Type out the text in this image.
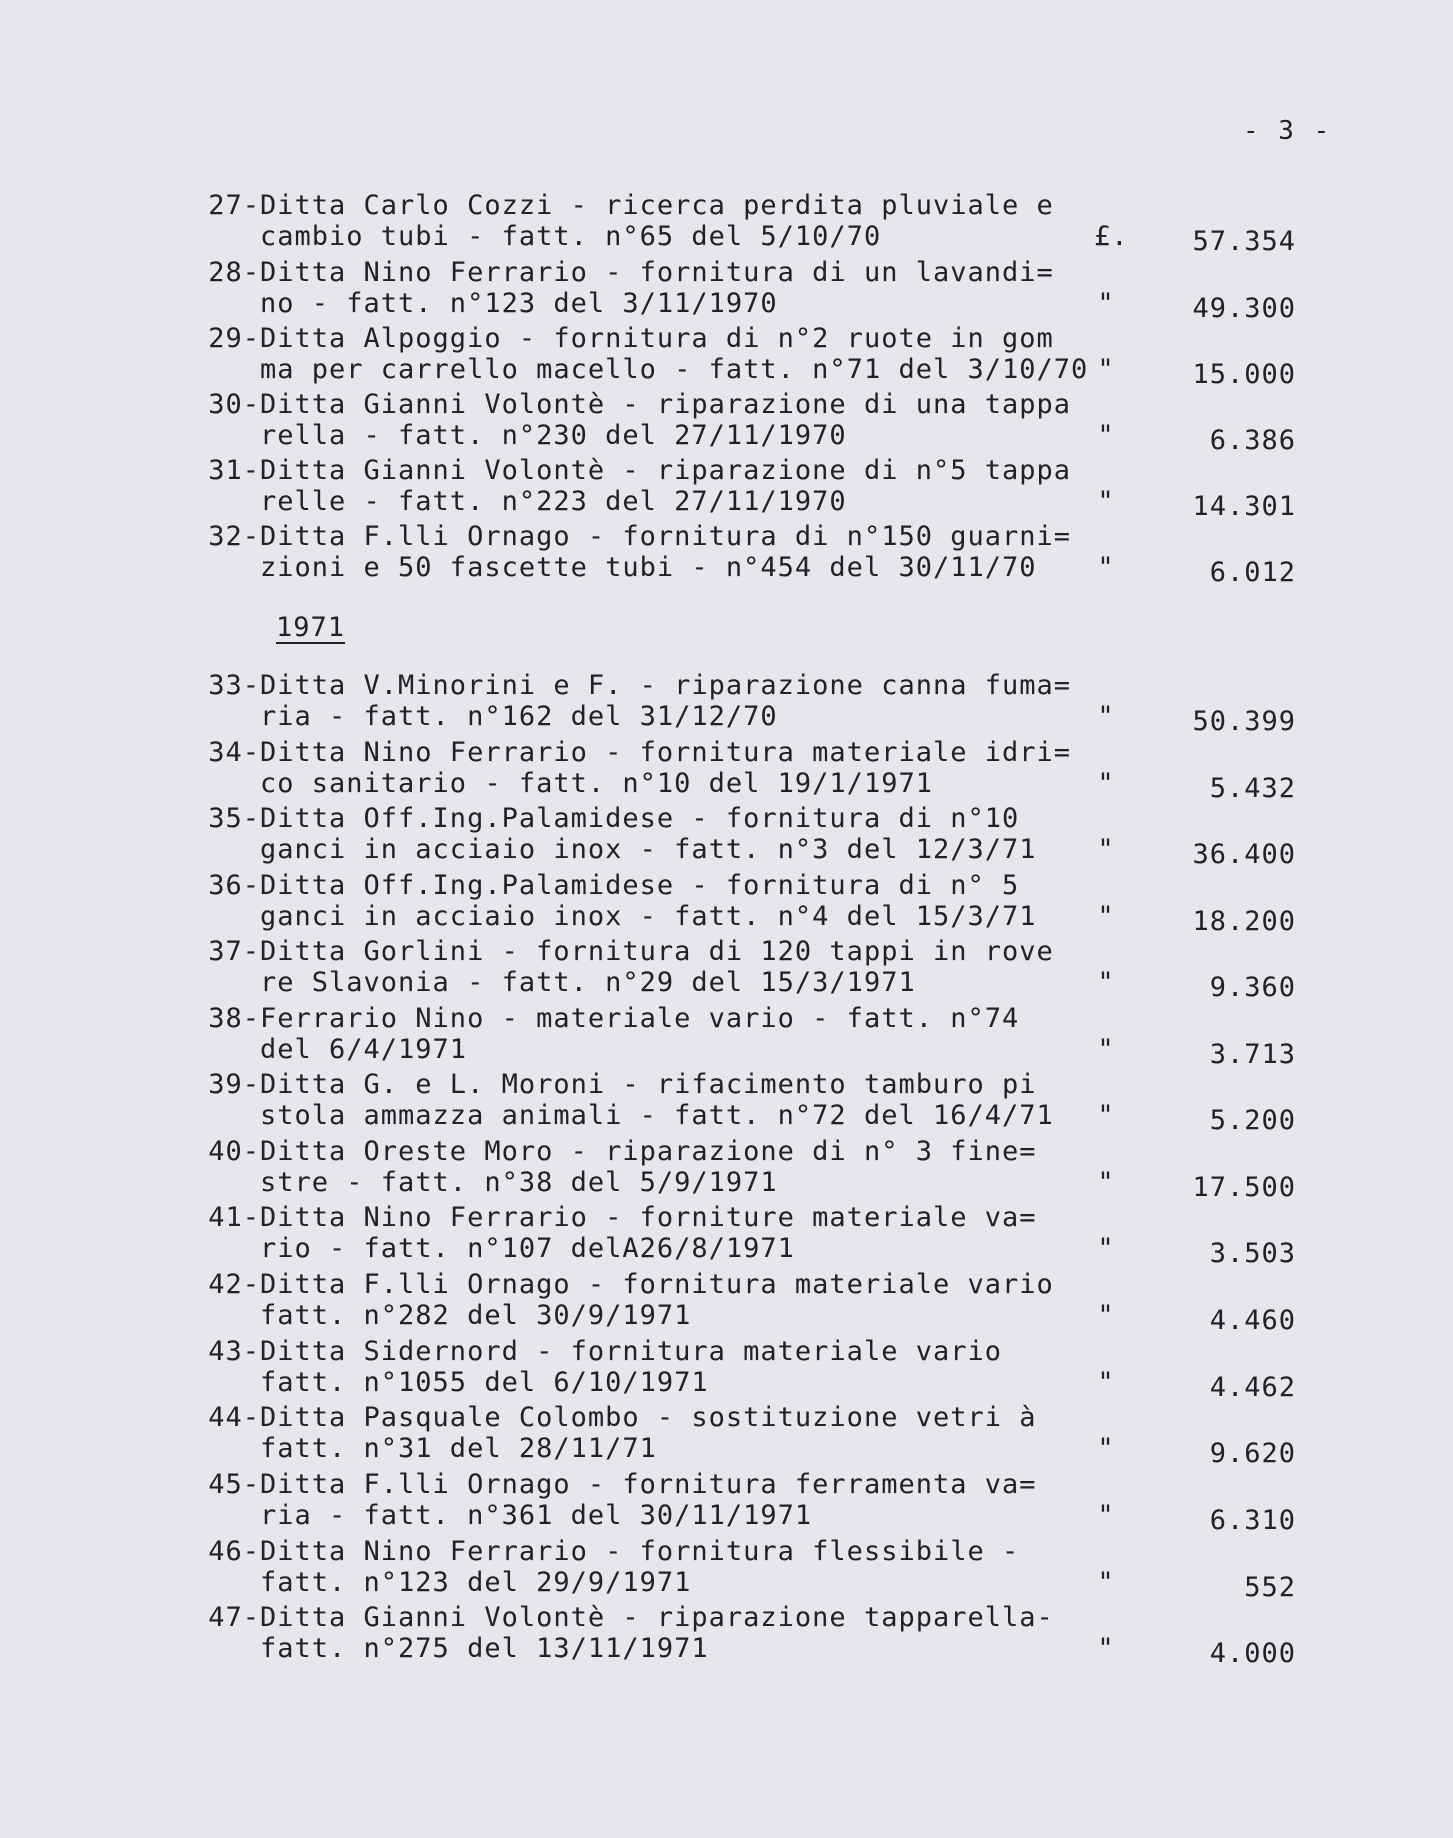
- 3 -
1971
27- Ditta Carlo Cozzi - ricerca perdita pluviale e
cambio tubi - fatt. n°65 del 5/10/70	£.	57.354
28- Ditta Nino Ferrario - fornitura di un lavandi=
no - fatt. n°123 del 3/11/1970	"	49.300
29- Ditta Alpoggio - fornitura di n°2 ruote in gom
ma per carrello macello - fatt. n°71 del 3/10/70 "	15.000
30- Ditta Gianni Volontè - riparazione di una tappa
rella - fatt. n°230 del 27/11/1970	"	6.386
31- Ditta Gianni Volontè - riparazione di n°5 tappa
relle - fatt. n°223 del 27/11/1970	"	14.301
32- Ditta F.lli Ornago - fornitura di n°150 guarni=
zioni e 50 fascette tubi - n°454 del 30/11/70 "	6.012
33- Ditta V.Minorini e F. - riparazione canna fuma=
ria - fatt. n°162 del 31/12/70	"	50.399
34- Ditta Nino Ferrario - fornitura materiale idri=
co sanitario - fatt. n°10 del 19/1/1971	"	5.432
35- Ditta Off.Ing.Palamidese - fornitura di n°10
ganci in acciaio inox - fatt. n°3 del 12/3/71 "	36.400
36- Ditta Off.Ing.Palamidese - fornitura di n° 5
ganci in acciaio inox - fatt. n°4 del 15/3/71 "	18.200
37- Ditta Gorlini - fornitura di 120 tappi in rove
re Slavonia - fatt. n°29 del 15/3/1971	"	9.360
38- Ferrario Nino - materiale vario - fatt. n°74
del 6/4/1971	"	3.713
39- Ditta G. e L. Moroni - rifacimento tamburo pi
stola ammazza animali - fatt. n°72 del 16/4/71 "	5.200
40- Ditta Oreste Moro - riparazione di n° 3 fine=
stre - fatt. n°38 del 5/9/1971	"	17.500
41- Ditta Nino Ferrario - forniture materiale va=
rio - fatt. n°107 delA26/8/1971	"	3.503
42- Ditta F.lli Ornago - fornitura materiale vario
fatt. n°282 del 30/9/1971	"	4.460
43- Ditta Sidernord - fornitura materiale vario
fatt. n°1055 del 6/10/1971	"	4.462
44- Ditta Pasquale Colombo - sostituzione vetri à
fatt. n°31 del 28/11/71	"	9.620
45- Ditta F.lli Ornago - fornitura ferramenta va=
ria - fatt. n°361 del 30/11/1971	"	6.310
46- Ditta Nino Ferrario - fornitura flessibile -
fatt. n°123 del 29/9/1971	"	552
47- Ditta Gianni Volontè - riparazione tapparella-
fatt. n°275 del 13/11/1971	"	4.000
